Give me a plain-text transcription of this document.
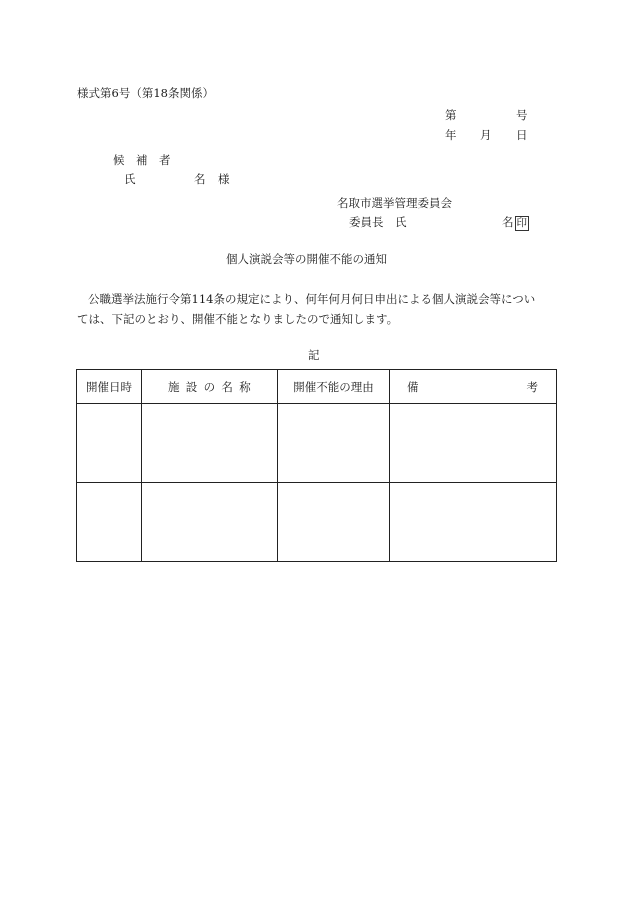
様式第6号（第18条関係）
第	号
年 月 日
候　補　者
氏	名 様
名取市選挙管理委員会
委員長　氏	名 印
個人演説会等の開催不能の通知
公職選挙法施行令第114条の規定により、何年何月何日申出による個人演説会等につい
ては、下記のとおり、開催不能となりましたので通知します。
記
開催日時	施設の名称	開催不能の理由	備 考
